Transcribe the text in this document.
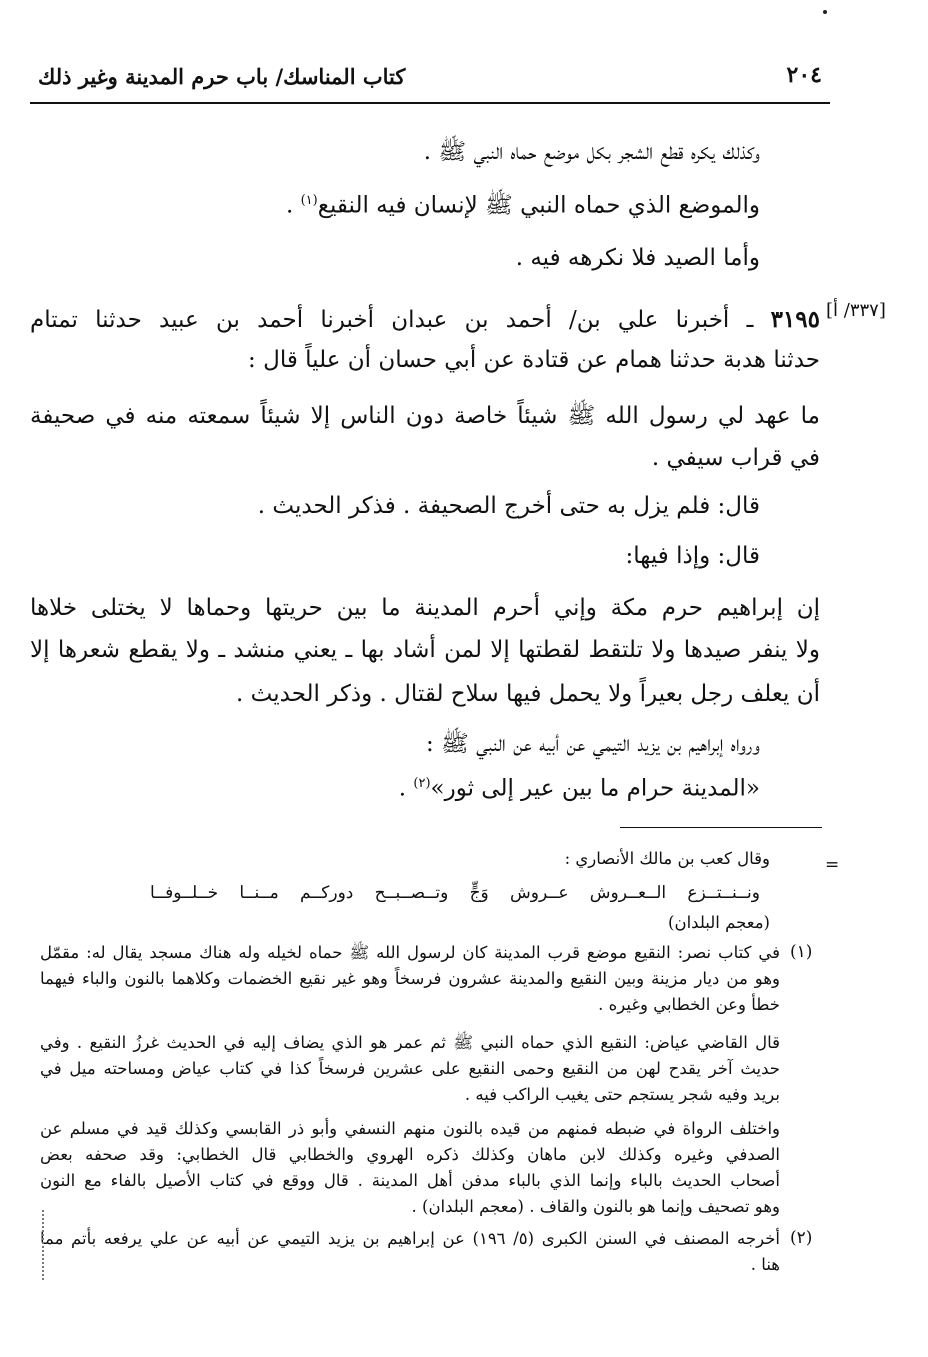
٢٠٤
كتاب المناسك/ باب حرم المدينة وغير ذلك
[٣٣٧/ أ]
وكذلك يكره قطع الشجر بكل موضع حماه النبي ﷺ .
والموضع الذي حماه النبي ﷺ لإنسان فيه النقيع$^{(١)}$ .
وأما الصيد فلا نكرهه فيه .
٣١٩٥ ـ أخبرنا علي بن/ أحمد بن عبدان أخبرنا أحمد بن عبيد حدثنا تمتام
حدثنا هدبة حدثنا همام عن قتادة عن أبي حسان أن علياً قال :
ما عهد لي رسول الله ﷺ شيئاً خاصة دون الناس إلا شيئاً سمعته منه في صحيفة
في قراب سيفي .
قال: فلم يزل به حتى أخرج الصحيفة . فذكر الحديث .
قال: وإذا فيها:
إن إبراهيم حرم مكة وإني أحرم المدينة ما بين حريتها وحماها لا يختلى خلاها
ولا ينفر صيدها ولا تلتقط لقطتها إلا لمن أشاد بها ـ يعني منشد ـ ولا يقطع شعرها إلا
أن يعلف رجل بعيراً ولا يحمل فيها سلاح لقتال . وذكر الحديث .
ورواه إبراهيم بن يزيد التيمي عن أبيه عن النبي ﷺ :
«المدينة حرام ما بين عير إلى ثور»$^{(٢)}$ .
=
وقال كعب بن مالك الأنصاري :
(معجم البلدان)
في كتاب نصر: النقيع موضع قرب المدينة كان لرسول الله ﷺ حماه لخيله وله هناك مسجد يقال له: مقمّل
وهو من ديار مزينة وبين النقيع والمدينة عشرون فرسخاً وهو غير نقيع الخضمات وكلاهما بالنون والباء فيهما
خطأ وعن الخطابي وغيره .
قال القاضي عياض: النقيع الذي حماه النبي ﷺ ثم عمر هو الذي يضاف إليه في الحديث غرزُ النقيع . وفي
حديث آخر يقدح لهن من النقيع وحمى النقيع على عشرين فرسخاً كذا في كتاب عياض ومساحته ميل في
بريد وفيه شجر يستجم حتى يغيب الراكب فيه .
واختلف الرواة في ضبطه فمنهم من قيده بالنون منهم النسفي وأبو ذر القابسي وكذلك قيد في مسلم عن
الصدفي وغيره وكذلك لابن ماهان وكذلك ذكره الهروي والخطابي قال الخطابي: وقد صحفه بعض
أصحاب الحديث بالباء وإنما الذي بالباء مدفن أهل المدينة . قال ووقع في كتاب الأصيل بالفاء مع النون
وهو تصحيف وإنما هو بالنون والقاف . (معجم البلدان) .
أخرجه المصنف في السنن الكبرى (٥/ ١٩٦) عن إبراهيم بن يزيد التيمي عن أبيه عن علي يرفعه بأتم مما
هنا .
ونــنــتــزع الــعــروش عــروش وَجٍّ وتــصــبــح دوركــم مــنــا خــلــوفــا
(١)
(٢)
